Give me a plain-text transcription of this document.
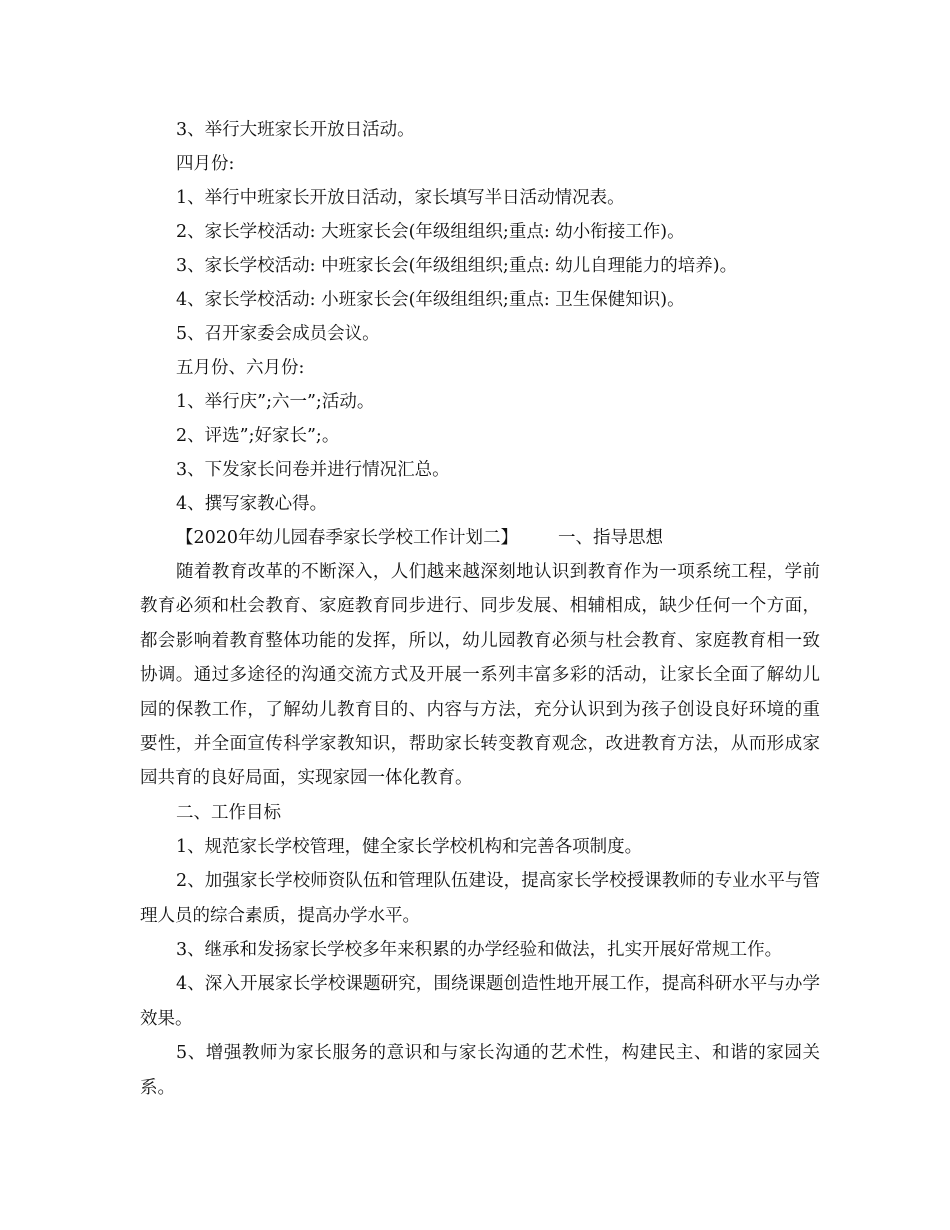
3、举行大班家长开放日活动。
四月份:
1、举行中班家长开放日活动，家长填写半日活动情况表。
2、家长学校活动: 大班家长会(年级组组织;重点: 幼小衔接工作)。
3、家长学校活动: 中班家长会(年级组组织;重点: 幼儿自理能力的培养)。
4、家长学校活动: 小班家长会(年级组组织;重点: 卫生保健知识)。
5、召开家委会成员会议。
五月份、六月份:
1、举行庆”;六一”;活动。
2、评选”;好家长”;。
3、下发家长问卷并进行情况汇总。
4、撰写家教心得。
【2020年幼儿园春季家长学校工作计划二】 一、指导思想
随着教育改革的不断深入，人们越来越深刻地认识到教育作为一项系统工程，学前教育必须和杜会教育、家庭教育同步进行、同步发展、相辅相成，缺少任何一个方面，都会影响着教育整体功能的发挥，所以，幼儿园教育必须与杜会教育、家庭教育相一致协调。通过多途径的沟通交流方式及开展一系列丰富多彩的活动，让家长全面了解幼儿园的保教工作，了解幼儿教育目的、内容与方法，充分认识到为孩子创设良好环境的重要性，并全面宣传科学家教知识，帮助家长转变教育观念，改进教育方法，从而形成家园共育的良好局面，实现家园一体化教育。
二、工作目标
1、规范家长学校管理，健全家长学校机构和完善各项制度。
2、加强家长学校师资队伍和管理队伍建设，提高家长学校授课教师的专业水平与管理人员的综合素质，提高办学水平。
3、继承和发扬家长学校多年来积累的办学经验和做法，扎实开展好常规工作。
4、深入开展家长学校课题研究，围绕课题创造性地开展工作，提高科研水平与办学效果。
5、增强教师为家长服务的意识和与家长沟通的艺术性，构建民主、和谐的家园关系。
